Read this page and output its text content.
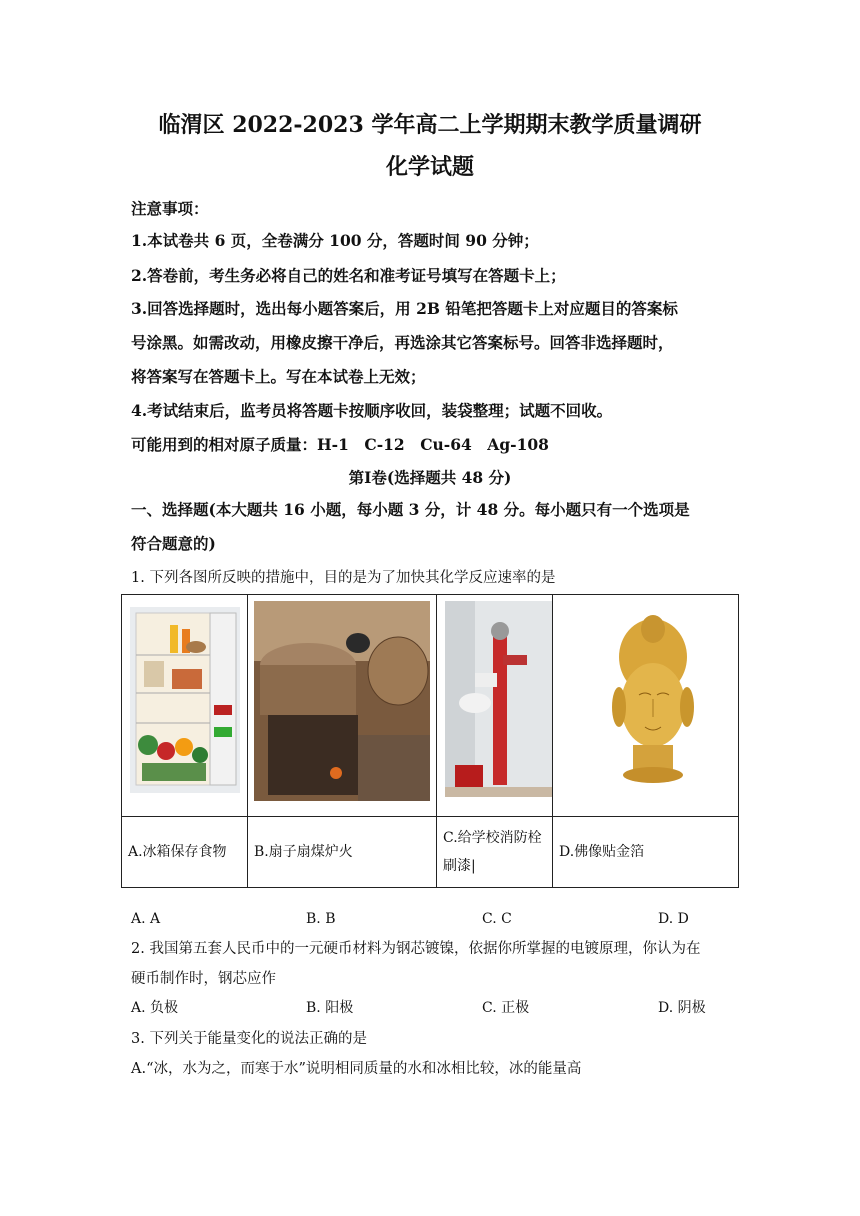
临渭区 2022-2023 学年高二上学期期末教学质量调研
化学试题
注意事项：
1.本试卷共 6 页，全卷满分 100 分，答题时间 90 分钟；
2.答卷前，考生务必将自己的姓名和准考证号填写在答题卡上；
3.回答选择题时，选出每小题答案后，用 2B 铅笔把答题卡上对应题目的答案标
号涂黑。如需改动，用橡皮擦干净后，再选涂其它答案标号。回答非选择题时，
将答案写在答题卡上。写在本试卷上无效；
4.考试结束后，监考员将答题卡按顺序收回，装袋整理；试题不回收。
可能用到的相对原子质量：H-1　C-12　Cu-64　Ag-108
第Ⅰ卷(选择题共 48 分)
一、选择题(本大题共 16 小题，每小题 3 分，计 48 分。每小题只有一个选项是
符合题意的)
1. 下列各图所反映的措施中，目的是为了加快其化学反应速率的是

A.冰箱保存食物	B.扇子扇煤炉火	C.给学校消防栓刷漆|	D.佛像贴金箔
A. A	B. B	C. C	D. D
2. 我国第五套人民币中的一元硬币材料为钢芯镀镍，依据你所掌握的电镀原理，你认为在
硬币制作时，钢芯应作
A. 负极	B. 阳极	C. 正极	D. 阴极
3. 下列关于能量变化的说法正确的是
A.“冰，水为之，而寒于水”说明相同质量的水和冰相比较，冰的能量高
